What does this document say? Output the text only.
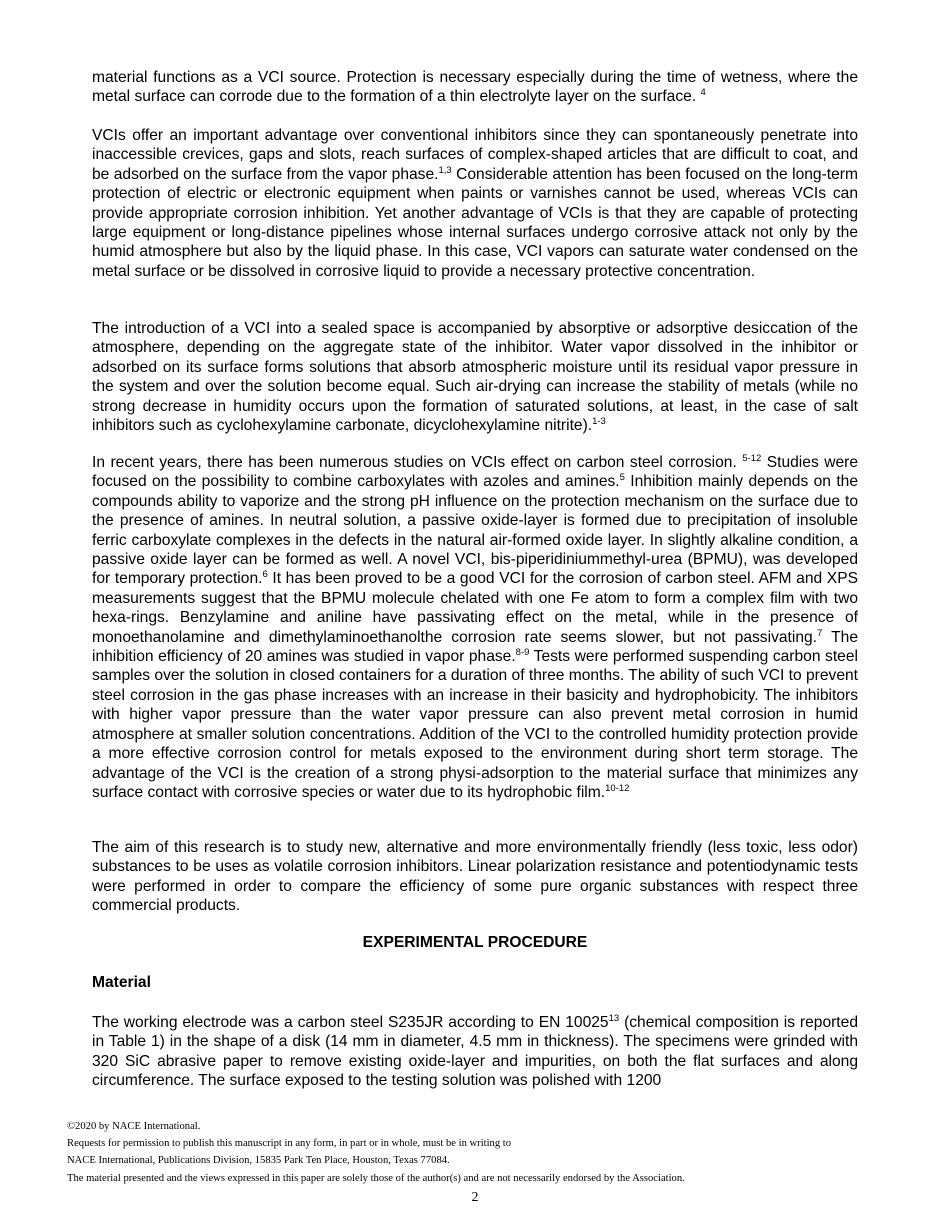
material functions as a VCI source. Protection is necessary especially during the time of wetness, where the metal surface can corrode due to the formation of a thin electrolyte layer on the surface. $^4$

VCIs offer an important advantage over conventional inhibitors since they can spontaneously penetrate into inaccessible crevices, gaps and slots, reach surfaces of complex-shaped articles that are difficult to coat, and be adsorbed on the surface from the vapor phase.$^{1,3}$ Considerable attention has been focused on the long-term protection of electric or electronic equipment when paints or varnishes cannot be used, whereas VCIs can provide appropriate corrosion inhibition. Yet another advantage of VCIs is that they are capable of protecting large equipment or long-distance pipelines whose internal surfaces undergo corrosive attack not only by the humid atmosphere but also by the liquid phase. In this case, VCI vapors can saturate water condensed on the metal surface or be dissolved in corrosive liquid to provide a necessary protective concentration.

The introduction of a VCI into a sealed space is accompanied by absorptive or adsorptive desiccation of the atmosphere, depending on the aggregate state of the inhibitor. Water vapor dissolved in the inhibitor or adsorbed on its surface forms solutions that absorb atmospheric moisture until its residual vapor pressure in the system and over the solution become equal. Such air-drying can increase the stability of metals (while no strong decrease in humidity occurs upon the formation of saturated solutions, at least, in the case of salt inhibitors such as cyclohexylamine carbonate, dicyclohexylamine nitrite).$^{1-3}$

In recent years, there has been numerous studies on VCIs effect on carbon steel corrosion. $^{5-12}$ Studies were focused on the possibility to combine carboxylates with azoles and amines.$^5$ Inhibition mainly depends on the compounds ability to vaporize and the strong pH influence on the protection mechanism on the surface due to the presence of amines. In neutral solution, a passive oxide-layer is formed due to precipitation of insoluble ferric carboxylate complexes in the defects in the natural air-formed oxide layer. In slightly alkaline condition, a passive oxide layer can be formed as well. A novel VCI, bis-piperidiniummethyl-urea (BPMU), was developed for temporary protection.$^6$ It has been proved to be a good VCI for the corrosion of carbon steel. AFM and XPS measurements suggest that the BPMU molecule chelated with one Fe atom to form a complex film with two hexa-rings. Benzylamine and aniline have passivating effect on the metal, while in the presence of monoethanolamine and dimethylaminoethanolthe corrosion rate seems slower, but not passivating.$^7$ The inhibition efficiency of 20 amines was studied in vapor phase.$^{8-9}$ Tests were performed suspending carbon steel samples over the solution in closed containers for a duration of three months. The ability of such VCI to prevent steel corrosion in the gas phase increases with an increase in their basicity and hydrophobicity. The inhibitors with higher vapor pressure than the water vapor pressure can also prevent metal corrosion in humid atmosphere at smaller solution concentrations. Addition of the VCI to the controlled humidity protection provide a more effective corrosion control for metals exposed to the environment during short term storage. The advantage of the VCI is the creation of a strong physi-adsorption to the material surface that minimizes any surface contact with corrosive species or water due to its hydrophobic film.$^{10-12}$

The aim of this research is to study new, alternative and more environmentally friendly (less toxic, less odor) substances to be uses as volatile corrosion inhibitors. Linear polarization resistance and potentiodynamic tests were performed in order to compare the efficiency of some pure organic substances with respect three commercial products.

EXPERIMENTAL PROCEDURE
Material

The working electrode was a carbon steel S235JR according to EN 10025$^{13}$ (chemical composition is reported in Table 1) in the shape of a disk (14 mm in diameter, 4.5 mm in thickness). The specimens were grinded with 320 SiC abrasive paper to remove existing oxide-layer and impurities, on both the flat surfaces and along circumference. The surface exposed to the testing solution was polished with 1200

©2020 by NACE International.
Requests for permission to publish this manuscript in any form, in part or in whole, must be in writing to
NACE International, Publications Division, 15835 Park Ten Place, Houston, Texas 77084.
The material presented and the views expressed in this paper are solely those of the author(s) and are not necessarily endorsed by the Association.
2
